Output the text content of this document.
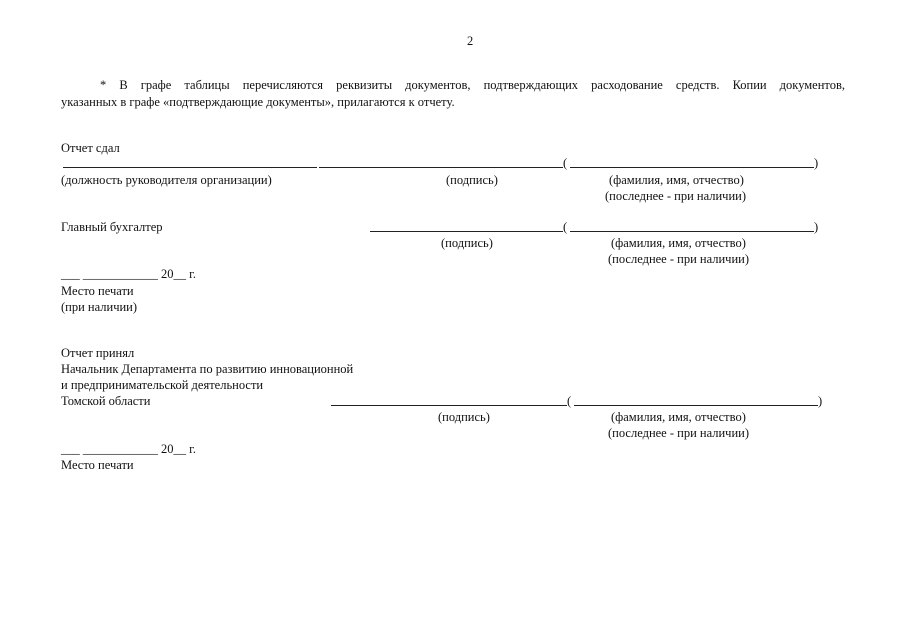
2
* В графе таблицы перечисляются реквизиты документов, подтверждающих расходование средств. Копии документов,
указанных в графе «подтверждающие документы», прилагаются к отчету.
Отчет сдал
(	)
(должность руководителя организации)	(подпись)	(фамилия, имя, отчество)
(последнее - при наличии)
Главный бухгалтер	(	)
(подпись)	(фамилия, имя, отчество)
(последнее - при наличии)
___ ____________ 20__ г.
Место печати
(при наличии)
Отчет принял
Начальник Департамента по развитию инновационной
и предпринимательской деятельности
Томской области	(	)
(подпись)	(фамилия, имя, отчество)
(последнее - при наличии)
___ ____________ 20__ г.
Место печати
